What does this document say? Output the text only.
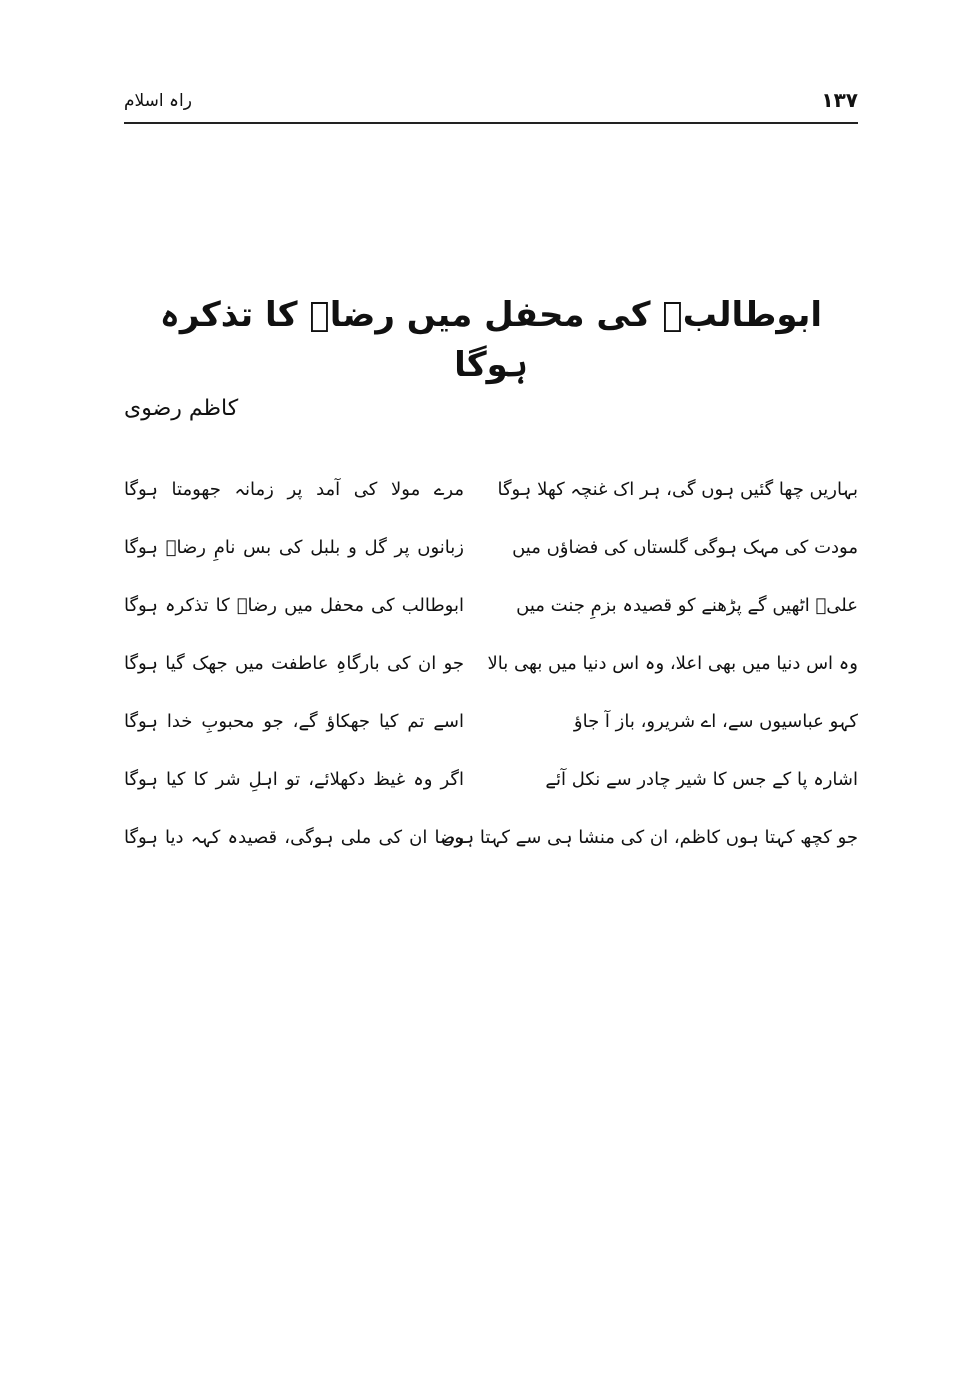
۱۳۷
راہ اسلام
ابوطالبؑ کی محفل میں رضاؑ کا تذکرہ ہوگا
کاظم رضوی
بہاریں چھا گئیں ہوں گی، ہر اک غنچہ کھلا ہوگا
مرے مولا کی آمد پر زمانہ جھومتا ہوگا
مودت کی مہک ہوگی گلستاں کی فضاؤں میں
زبانوں پر گل و بلبل کی بس نامِ رضاؑ ہوگا
علیؑ اٹھیں گے پڑھنے کو قصیدہ بزمِ جنت میں
ابوطالب کی محفل میں رضاؑ کا تذکرہ ہوگا
وہ اس دنیا میں بھی اعلا، وہ اس دنیا میں بھی بالا
جو ان کی بارگاہِ عاطفت میں جھک گیا ہوگا
کہو عباسیوں سے، اے شریرو، باز آ جاؤ
اسے تم کیا جھکاؤ گے، جو محبوبِ خدا ہوگا
اشارہ پا کے جس کا شیر چادر سے نکل آئے
اگر وہ غیظ دکھلائے، تو اہلِ شر کا کیا ہوگا
جو کچھ کہتا ہوں کاظم، ان کی منشا ہی سے کہتا ہوں
رضا ان کی ملی ہوگی، قصیدہ کہہ دیا ہوگا
